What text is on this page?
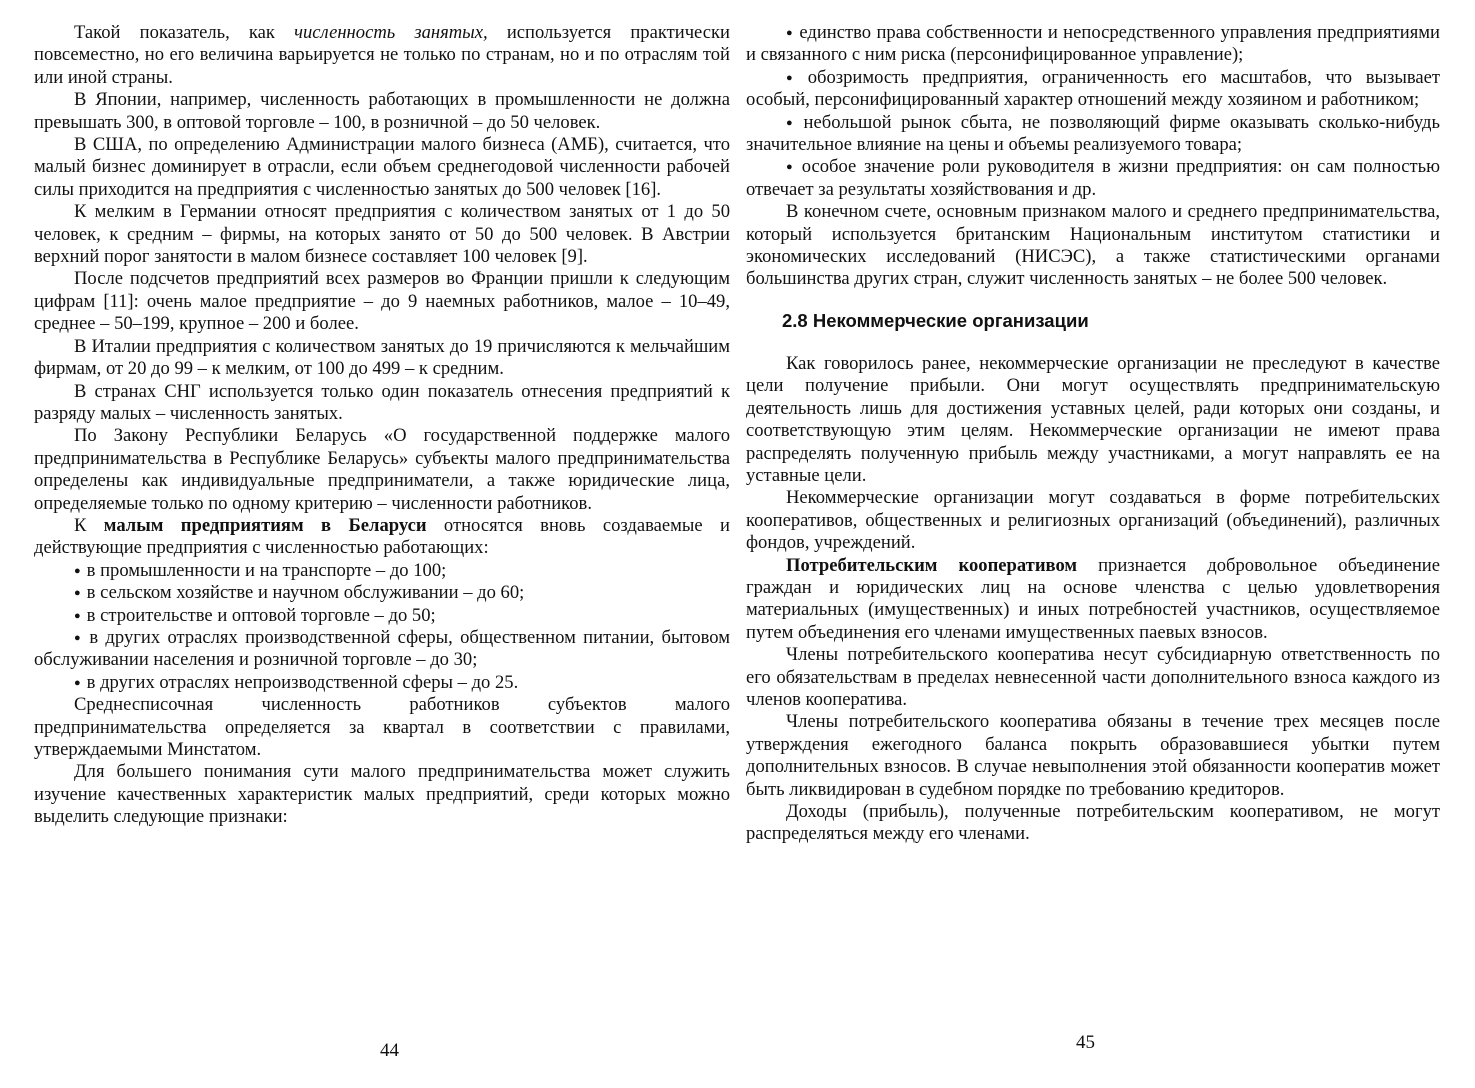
Такой показатель, как численность занятых, используется практически повсеместно, но его величина варьируется не только по странам, но и по отраслям той или иной страны.

В Японии, например, численность работающих в промышленности не должна превышать 300, в оптовой торговле – 100, в розничной – до 50 человек.

В США, по определению Администрации малого бизнеса (АМБ), считается, что малый бизнес доминирует в отрасли, если объем среднегодовой численности рабочей силы приходится на предприятия с численностью занятых до 500 человек [16].

К мелким в Германии относят предприятия с количеством занятых от 1 до 50 человек, к средним – фирмы, на которых занято от 50 до 500 человек. В Австрии верхний порог занятости в малом бизнесе составляет 100 человек [9].

После подсчетов предприятий всех размеров во Франции пришли к следующим цифрам [11]: очень малое предприятие – до 9 наемных работников, малое – 10–49, среднее – 50–199, крупное – 200 и более.

В Италии предприятия с количеством занятых до 19 причисляются к мельчайшим фирмам, от 20 до 99 – к мелким, от 100 до 499 – к средним.

В странах СНГ используется только один показатель отнесения предприятий к разряду малых – численность занятых.

По Закону Республики Беларусь «О государственной поддержке малого предпринимательства в Республике Беларусь» субъекты малого предпринимательства определены как индивидуальные предприниматели, а также юридические лица, определяемые только по одному критерию – численности работников.

К малым предприятиям в Беларуси относятся вновь создаваемые и действующие предприятия с численностью работающих:

● в промышленности и на транспорте – до 100;

● в сельском хозяйстве и научном обслуживании – до 60;

● в строительстве и оптовой торговле – до 50;

● в других отраслях производственной сферы, общественном питании, бытовом обслуживании населения и розничной торговле – до 30;

● в других отраслях непроизводственной сферы – до 25.

Среднесписочная численность работников субъектов малого предпринимательства определяется за квартал в соответствии с правилами, утверждаемыми Минстатом.

Для большего понимания сути малого предпринимательства может служить изучение качественных характеристик малых предприятий, среди которых можно выделить следующие признаки:

44

● единство права собственности и непосредственного управления предприятиями и связанного с ним риска (персонифицированное управление);

● обозримость предприятия, ограниченность его масштабов, что вызывает особый, персонифицированный характер отношений между хозяином и работником;

● небольшой рынок сбыта, не позволяющий фирме оказывать сколько-нибудь значительное влияние на цены и объемы реализуемого товара;

● особое значение роли руководителя в жизни предприятия: он сам полностью отвечает за результаты хозяйствования и др.

В конечном счете, основным признаком малого и среднего предпринимательства, который используется британским Национальным институтом статистики и экономических исследований (НИСЭС), а также статистическими органами большинства других стран, служит численность занятых – не более 500 человек.

2.8 Некоммерческие организации

Как говорилось ранее, некоммерческие организации не преследуют в качестве цели получение прибыли. Они могут осуществлять предпринимательскую деятельность лишь для достижения уставных целей, ради которых они созданы, и соответствующую этим целям. Некоммерческие организации не имеют права распределять полученную прибыль между участниками, а могут направлять ее на уставные цели.

Некоммерческие организации могут создаваться в форме потребительских кооперативов, общественных и религиозных организаций (объединений), различных фондов, учреждений.

Потребительским кооперативом признается добровольное объединение граждан и юридических лиц на основе членства с целью удовлетворения материальных (имущественных) и иных потребностей участников, осуществляемое путем объединения его членами имущественных паевых взносов.

Члены потребительского кооператива несут субсидиарную ответственность по его обязательствам в пределах невнесенной части дополнительного взноса каждого из членов кооператива.

Члены потребительского кооператива обязаны в течение трех месяцев после утверждения ежегодного баланса покрыть образовавшиеся убытки путем дополнительных взносов. В случае невыполнения этой обязанности кооператив может быть ликвидирован в судебном порядке по требованию кредиторов.

Доходы (прибыль), полученные потребительским кооперативом, не могут распределяться между его членами.

45
